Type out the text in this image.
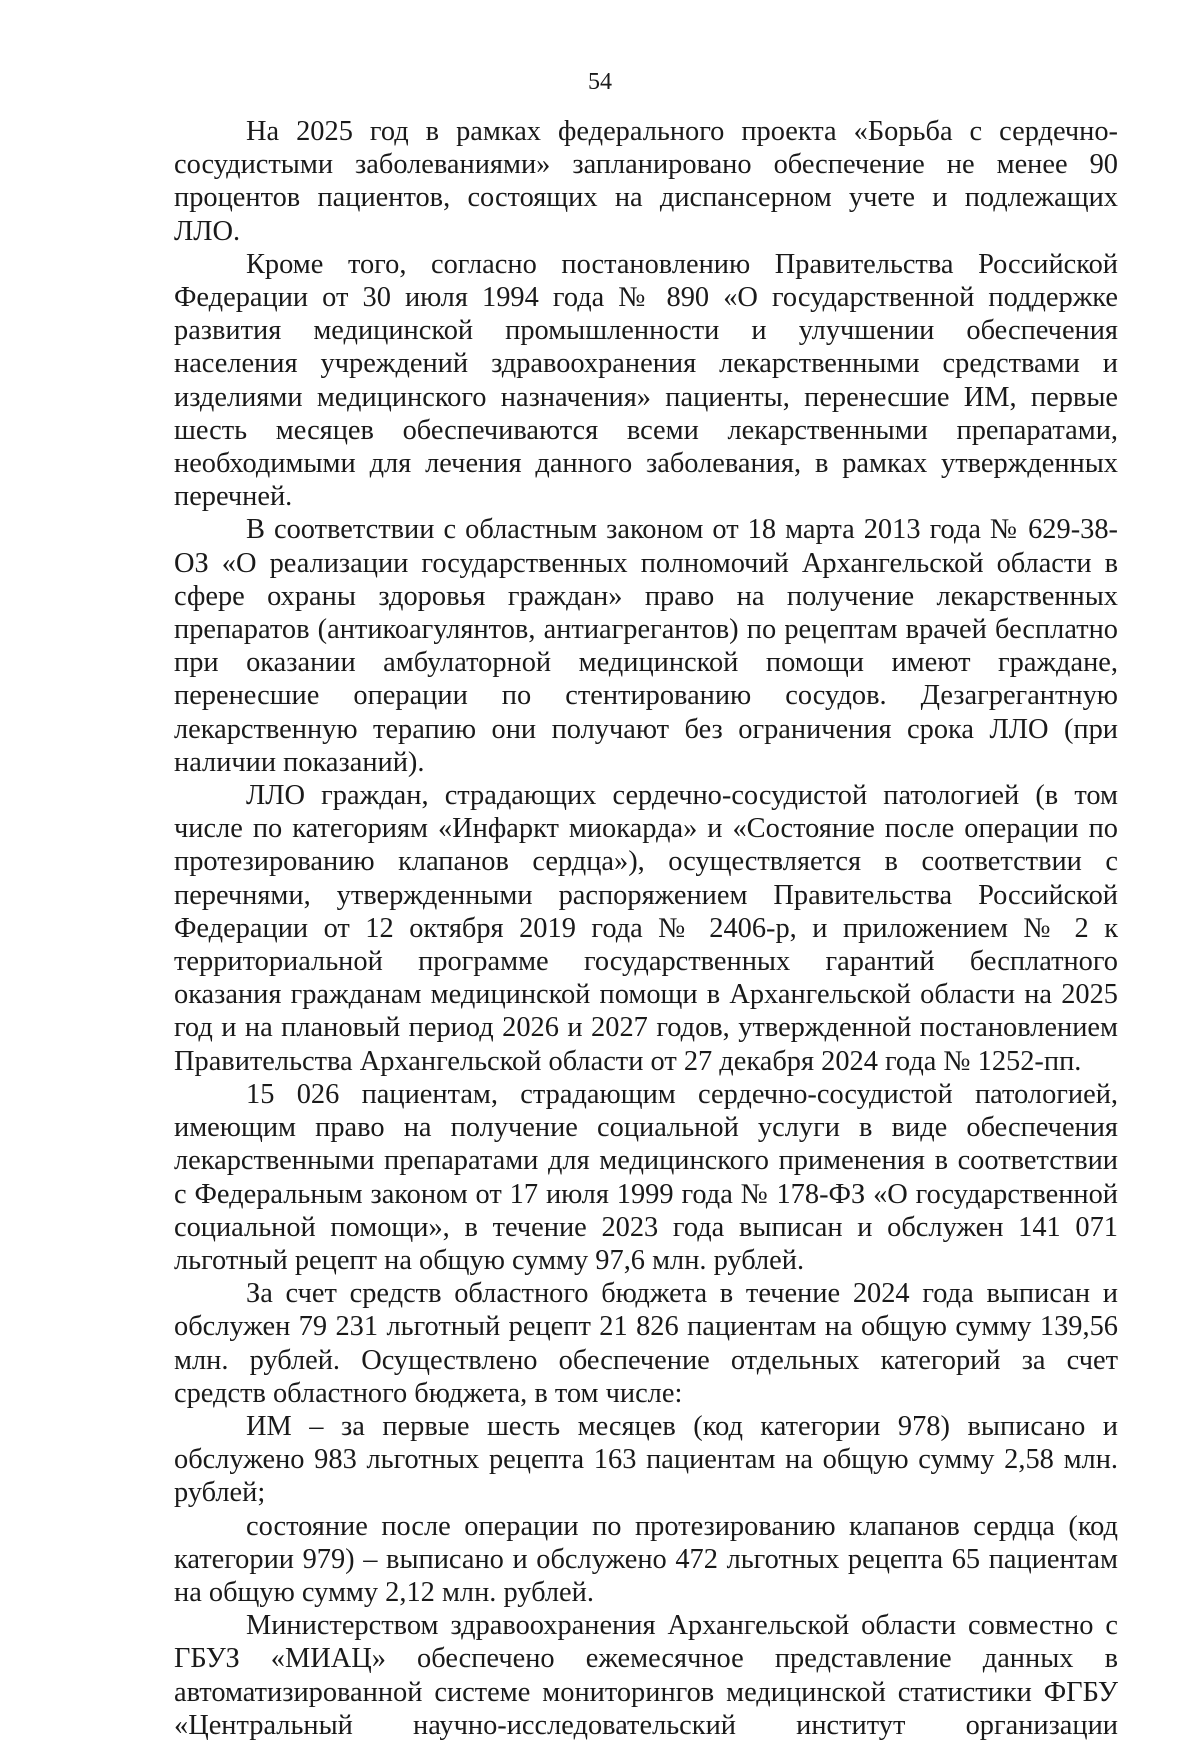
54

На 2025 год в рамках федерального проекта «Борьба с сердечно-сосудистыми заболеваниями» запланировано обеспечение не менее 90 процентов пациентов, состоящих на диспансерном учете и подлежащих ЛЛО.

Кроме того, согласно постановлению Правительства Российской Федерации от 30 июля 1994 года № 890 «О государственной поддержке развития медицинской промышленности и улучшении обеспечения населения учреждений здравоохранения лекарственными средствами и изделиями медицинского назначения» пациенты, перенесшие ИМ, первые шесть месяцев обеспечиваются всеми лекарственными препаратами, необходимыми для лечения данного заболевания, в рамках утвержденных перечней.

В соответствии с областным законом от 18 марта 2013 года № 629-38-ОЗ «О реализации государственных полномочий Архангельской области в сфере охраны здоровья граждан» право на получение лекарственных препаратов (антикоагулянтов, антиагрегантов) по рецептам врачей бесплатно при оказании амбулаторной медицинской помощи имеют граждане, перенесшие операции по стентированию сосудов. Дезагрегантную лекарственную терапию они получают без ограничения срока ЛЛО (при наличии показаний).

ЛЛО граждан, страдающих сердечно-сосудистой патологией (в том числе по категориям «Инфаркт миокарда» и «Состояние после операции по протезированию клапанов сердца»), осуществляется в соответствии с перечнями, утвержденными распоряжением Правительства Российской Федерации от 12 октября 2019 года № 2406-р, и приложением № 2 к территориальной программе государственных гарантий бесплатного оказания гражданам медицинской помощи в Архангельской области на 2025 год и на плановый период 2026 и 2027 годов, утвержденной постановлением Правительства Архангельской области от 27 декабря 2024 года № 1252-пп.

15 026 пациентам, страдающим сердечно-сосудистой патологией, имеющим право на получение социальной услуги в виде обеспечения лекарственными препаратами для медицинского применения в соответствии с Федеральным законом от 17 июля 1999 года № 178-ФЗ «О государственной социальной помощи», в течение 2023 года выписан и обслужен 141 071 льготный рецепт на общую сумму 97,6 млн. рублей.

За счет средств областного бюджета в течение 2024 года выписан и обслужен 79 231 льготный рецепт 21 826 пациентам на общую сумму 139,56 млн. рублей. Осуществлено обеспечение отдельных категорий за счет средств областного бюджета, в том числе:

ИМ – за первые шесть месяцев (код категории 978) выписано и обслужено 983 льготных рецепта 163 пациентам на общую сумму 2,58 млн. рублей;

состояние после операции по протезированию клапанов сердца (код категории 979) – выписано и обслужено 472 льготных рецепта 65 пациентам на общую сумму 2,12 млн. рублей.

Министерством здравоохранения Архангельской области совместно с ГБУЗ «МИАЦ» обеспечено ежемесячное представление данных в автоматизированной системе мониторингов медицинской статистики ФГБУ «Центральный научно-исследовательский институт организации
